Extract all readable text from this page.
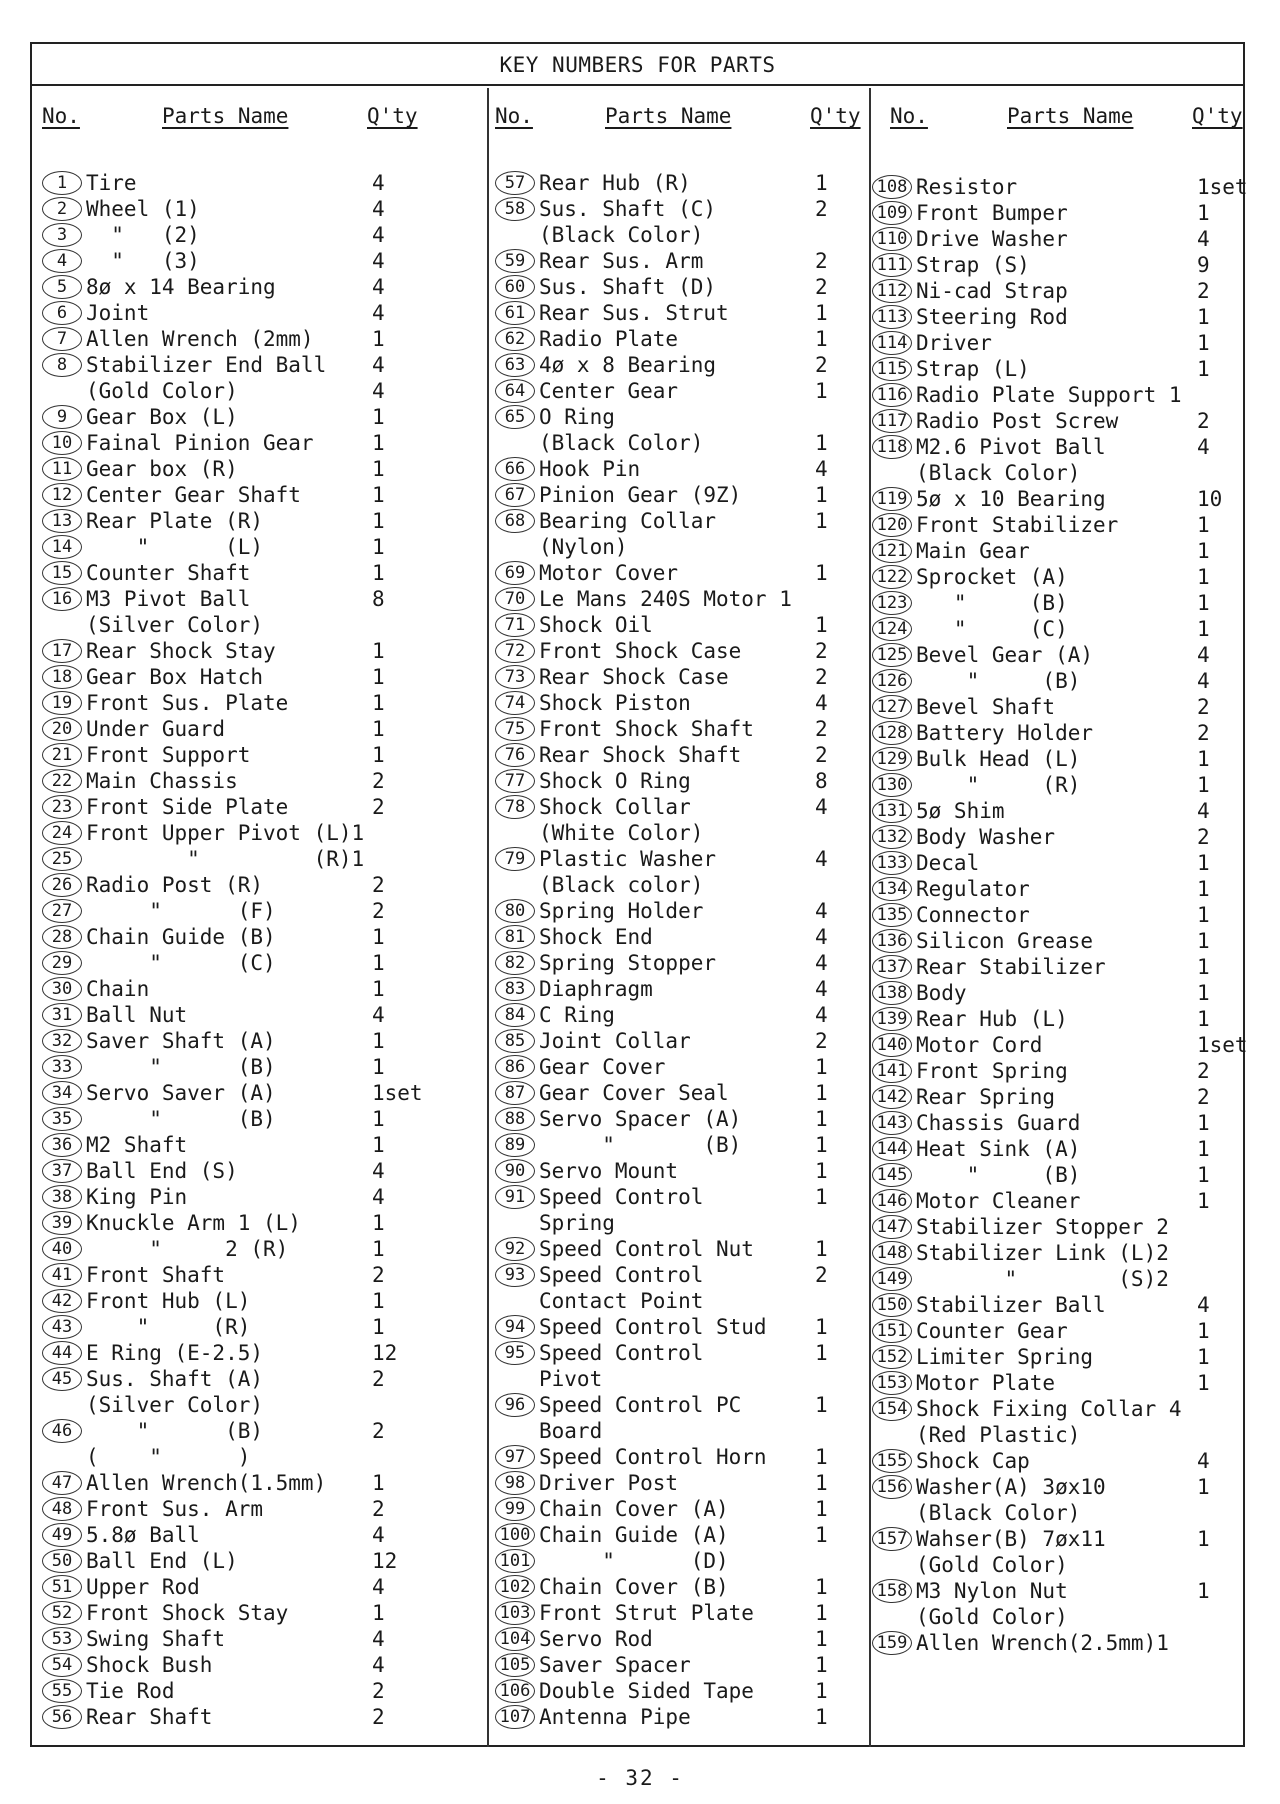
KEY NUMBERS FOR PARTS
No.	Parts Name	Q'ty
1 Tire	4
2 Wheel (1)	4
3 "   (2)	4
4 "   (3)	4
5 8ø x 14 Bearing	4
6 Joint	4
7 Allen Wrench (2mm)	1
8 Stabilizer End Ball 4
(Gold Color)	4
9 Gear Box (L)	1
10 Fainal Pinion Gear	1
11 Gear box (R)	1
12 Center Gear Shaft	1
13 Rear Plate (R)	1
14 "      (L)	1
15 Counter Shaft	1
16 M3 Pivot Ball	8
(Silver Color)
17 Rear Shock Stay	1
18 Gear Box Hatch	1
19 Front Sus. Plate	1
20 Under Guard	1
21 Front Support	1
22 Main Chassis	2
23 Front Side Plate	2
24 Front Upper Pivot (L)1
25 "         (R)1
26 Radio Post (R)	2
27 "      (F)	2
28 Chain Guide (B)	1
29 "      (C)	1
30 Chain	1
31 Ball Nut	4
32 Saver Shaft (A)	1
33 "      (B)	1
34 Servo Saver (A)	1set
35 "      (B)	1
36 M2 Shaft	1
37 Ball End (S)	4
38 King Pin	4
39 Knuckle Arm 1 (L)	1
40 "     2 (R)	1
41 Front Shaft	2
42 Front Hub (L)	1
43 "     (R)	1
44 E Ring (E-2.5)	12
45 Sus. Shaft (A)	2
(Silver Color)
46 "      (B)	2
(    "      )
47 Allen Wrench(1.5mm) 1
48 Front Sus. Arm	2
49 5.8ø Ball	4
50 Ball End (L)	12
51 Upper Rod	4
52 Front Shock Stay	1
53 Swing Shaft	4
54 Shock Bush	4
55 Tie Rod	2
56 Rear Shaft	2
No.	Parts Name	Q'ty
57 Rear Hub (R)	1
58 Sus. Shaft (C)	2
(Black Color)
59 Rear Sus. Arm	2
60 Sus. Shaft (D)	2
61 Rear Sus. Strut	1
62 Radio Plate	1
63 4ø x 8 Bearing	2
64 Center Gear	1
65 O Ring
(Black Color)	1
66 Hook Pin	4
67 Pinion Gear (9Z)	1
68 Bearing Collar	1
(Nylon)
69 Motor Cover	1
70 Le Mans 240S Motor 1
71 Shock Oil	1
72 Front Shock Case	2
73 Rear Shock Case	2
74 Shock Piston	4
75 Front Shock Shaft	2
76 Rear Shock Shaft	2
77 Shock O Ring	8
78 Shock Collar	4
(White Color)
79 Plastic Washer	4
(Black color)
80 Spring Holder	4
81 Shock End	4
82 Spring Stopper	4
83 Diaphragm	4
84 C Ring	4
85 Joint Collar	2
86 Gear Cover	1
87 Gear Cover Seal	1
88 Servo Spacer (A)	1
89 "       (B)	1
90 Servo Mount	1
91 Speed Control	1
Spring
92 Speed Control Nut	1
93 Speed Control	2
Contact Point
94 Speed Control Stud 1
95 Speed Control	1
Pivot
96 Speed Control PC	1
Board
97 Speed Control Horn 1
98 Driver Post	1
99 Chain Cover (A)	1
100 Chain Guide (A)	1
101 "      (D)
102 Chain Cover (B)	1
103 Front Strut Plate	1
104 Servo Rod	1
105 Saver Spacer	1
106 Double Sided Tape	1
107 Antenna Pipe	1
No.	Parts Name	Q'ty
108 Resistor	1set
109 Front Bumper	1
110 Drive Washer	4
111 Strap (S)	9
112 Ni-cad Strap	2
113 Steering Rod	1
114 Driver	1
115 Strap (L)	1
116 Radio Plate Support 1
117 Radio Post Screw	2
118 M2.6 Pivot Ball	4
(Black Color)
119 5ø x 10 Bearing	10
120 Front Stabilizer	1
121 Main Gear	1
122 Sprocket (A)	1
123 "     (B)	1
124 "     (C)	1
125 Bevel Gear (A)	4
126 "     (B)	4
127 Bevel Shaft	2
128 Battery Holder	2
129 Bulk Head (L)	1
130 "     (R)	1
131 5ø Shim	4
132 Body Washer	2
133 Decal	1
134 Regulator	1
135 Connector	1
136 Silicon Grease	1
137 Rear Stabilizer	1
138 Body	1
139 Rear Hub (L)	1
140 Motor Cord	1set
141 Front Spring	2
142 Rear Spring	2
143 Chassis Guard	1
144 Heat Sink (A)	1
145 "     (B)	1
146 Motor Cleaner	1
147 Stabilizer Stopper 2
148 Stabilizer Link (L)2
149 "        (S)2
150 Stabilizer Ball	4
151 Counter Gear	1
152 Limiter Spring	1
153 Motor Plate	1
154 Shock Fixing Collar 4
(Red Plastic)
155 Shock Cap	4
156 Washer(A) 3øx10	1
(Black Color)
157 Wahser(B) 7øx11	1
(Gold Color)
158 M3 Nylon Nut	1
(Gold Color)
159 Allen Wrench(2.5mm)1
- 32 -
